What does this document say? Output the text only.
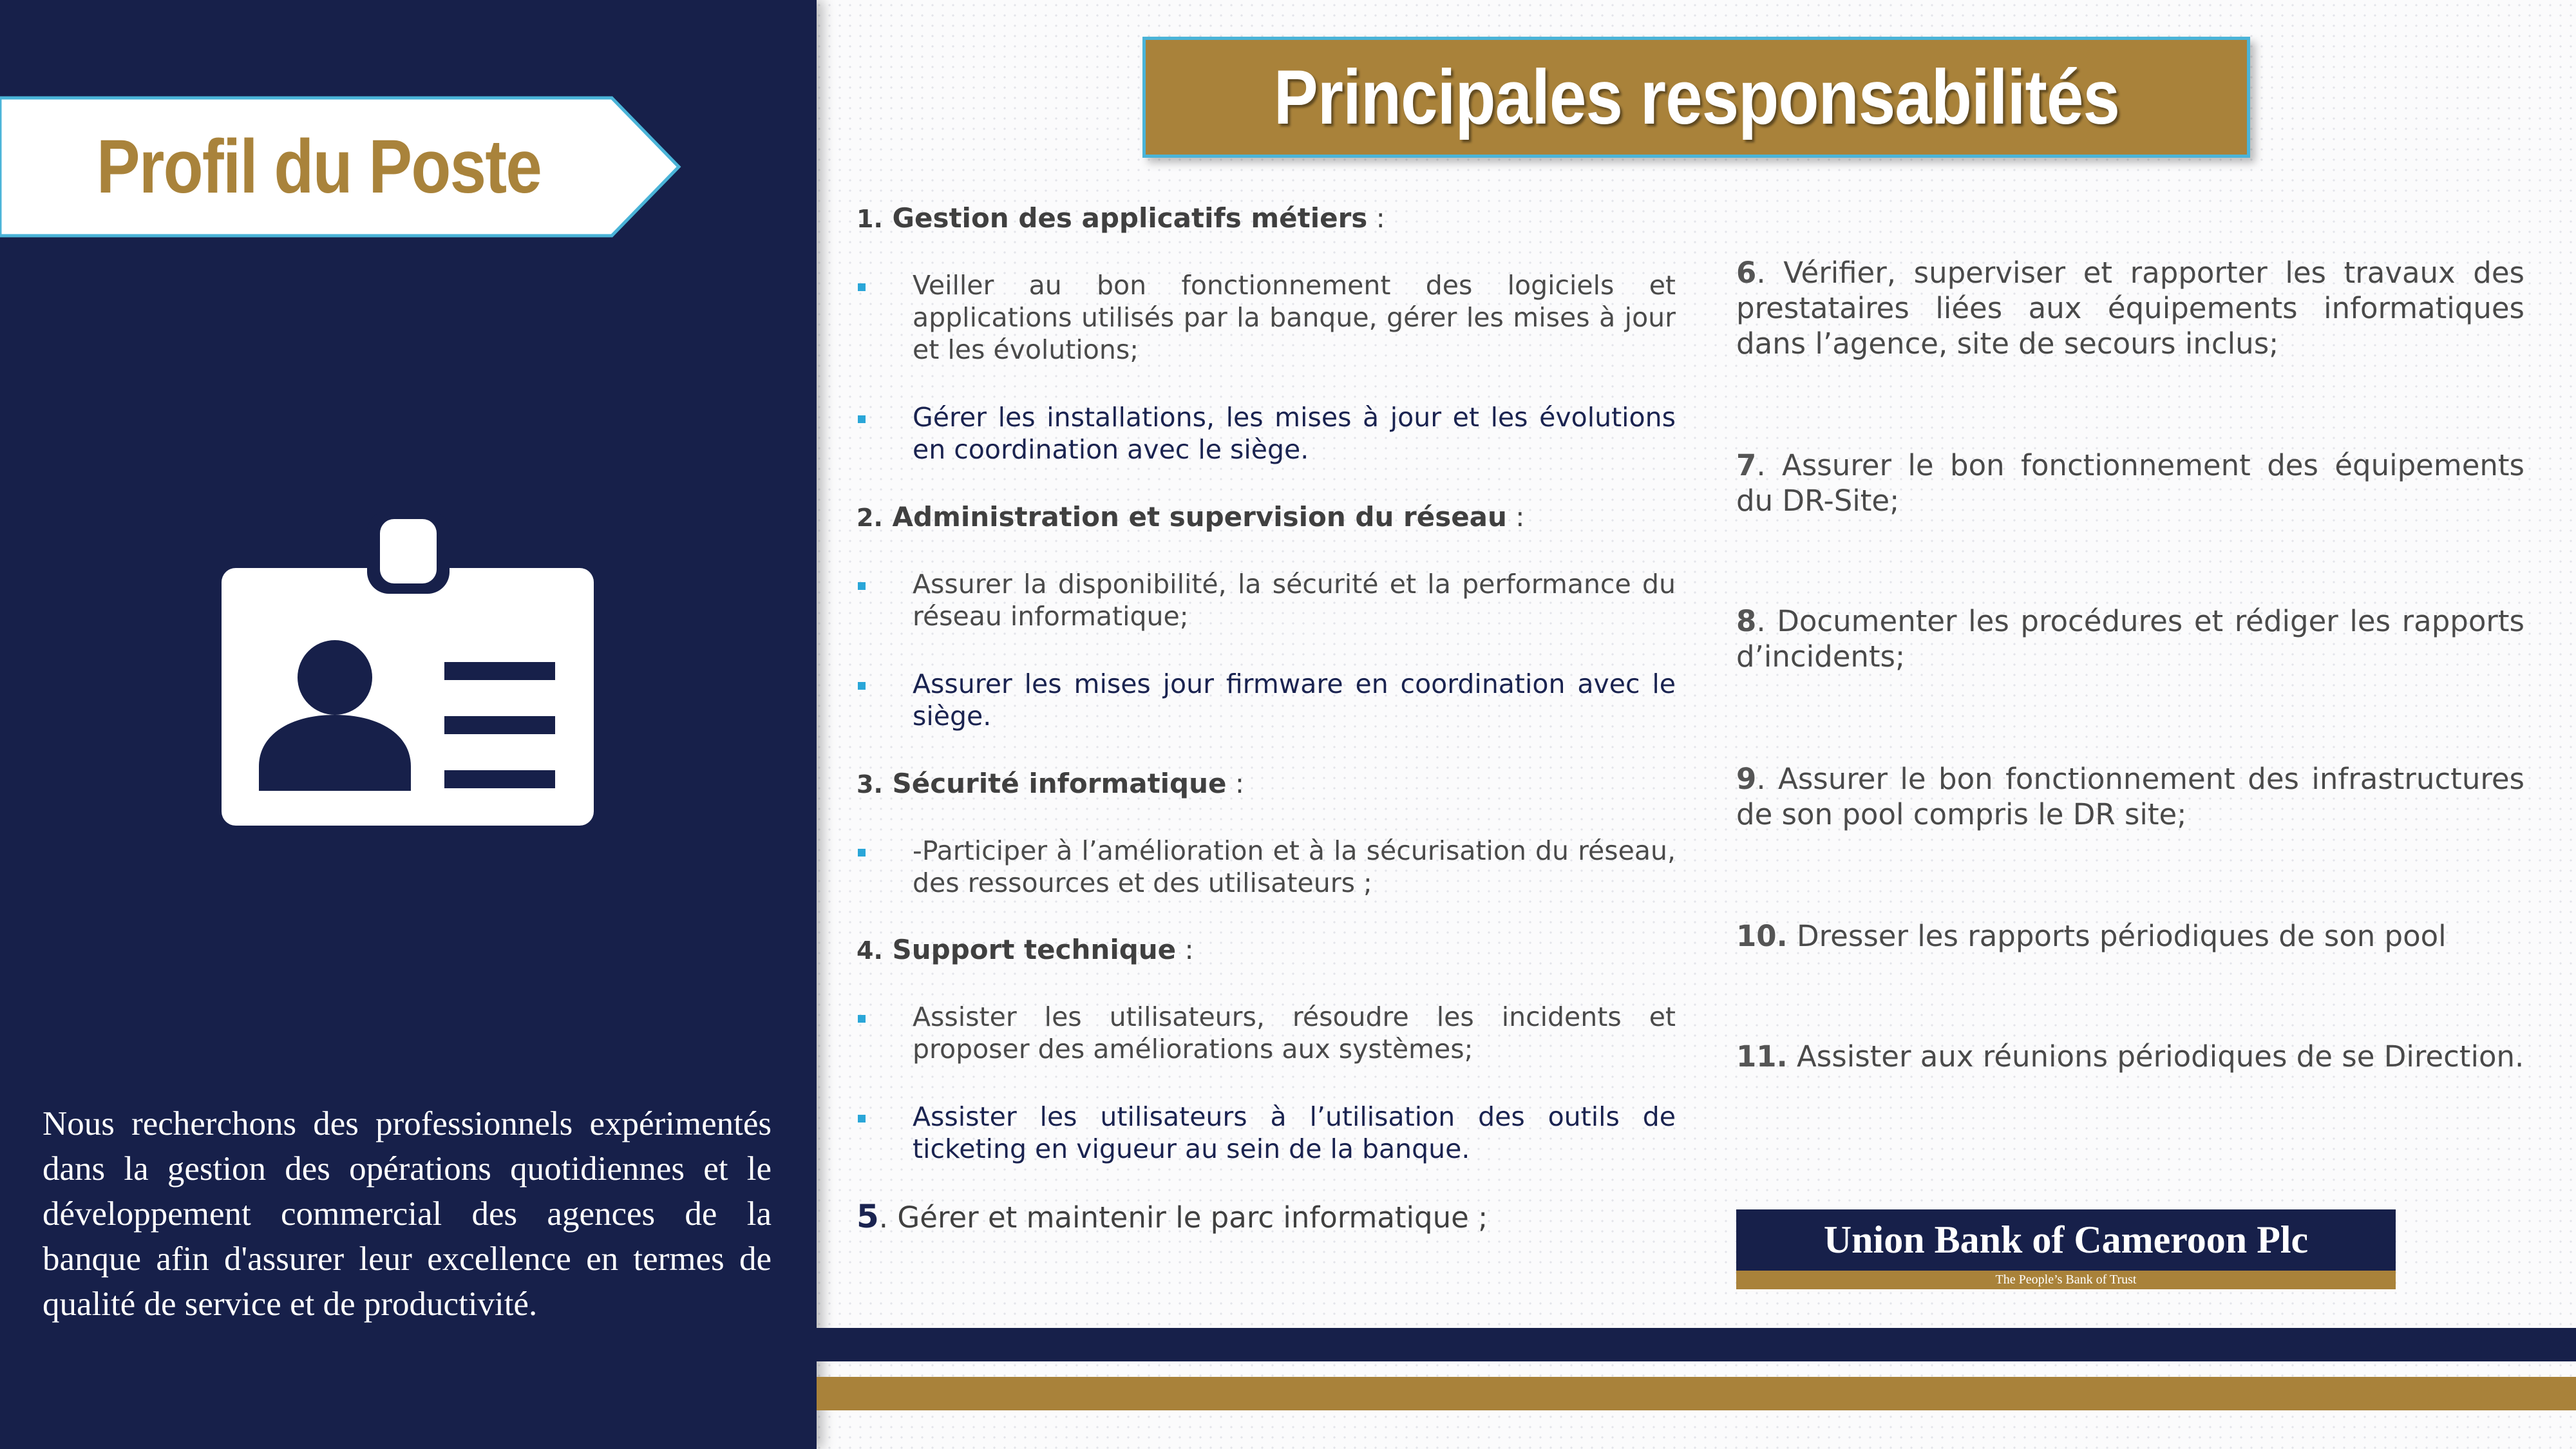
Profil du Poste
Nous recherchons des professionnels expérimentés dans la gestion des opérations quotidiennes et le développement commercial des agences de la banque afin d'assurer leur excellence en termes de qualité de service et de productivité.
Principales responsabilités
1. Gestion des applicatifs métiers :
Veiller au bon fonctionnement des logiciels et applications utilisés par la banque, gérer les mises à jour et les évolutions;
Gérer les installations, les mises à jour et les évolutions en coordination avec le siège.
2. Administration et supervision du réseau :
Assurer la disponibilité, la sécurité et la performance du réseau informatique;
Assurer les mises jour firmware en coordination avec le siège.
3. Sécurité informatique :
-Participer à l’amélioration et à la sécurisation du réseau, des ressources et des utilisateurs ;
4. Support technique :
Assister les utilisateurs, résoudre les incidents et proposer des améliorations aux systèmes;
Assister les utilisateurs à l’utilisation des outils de ticketing en vigueur au sein de la banque.
5. Gérer et maintenir le parc informatique ;
6. Vérifier, superviser et rapporter les travaux des prestataires liées aux équipements informatiques dans l’agence, site de secours inclus;
7. Assurer le bon fonctionnement des équipements du DR-Site;
8. Documenter les procédures et rédiger les rapports d’incidents;
9. Assurer le bon fonctionnement des infrastructures de son pool compris le DR site;
10. Dresser les rapports périodiques de son pool
11. Assister aux réunions périodiques de se Direction.
Union Bank of Cameroon Plc
The People’s Bank of Trust
